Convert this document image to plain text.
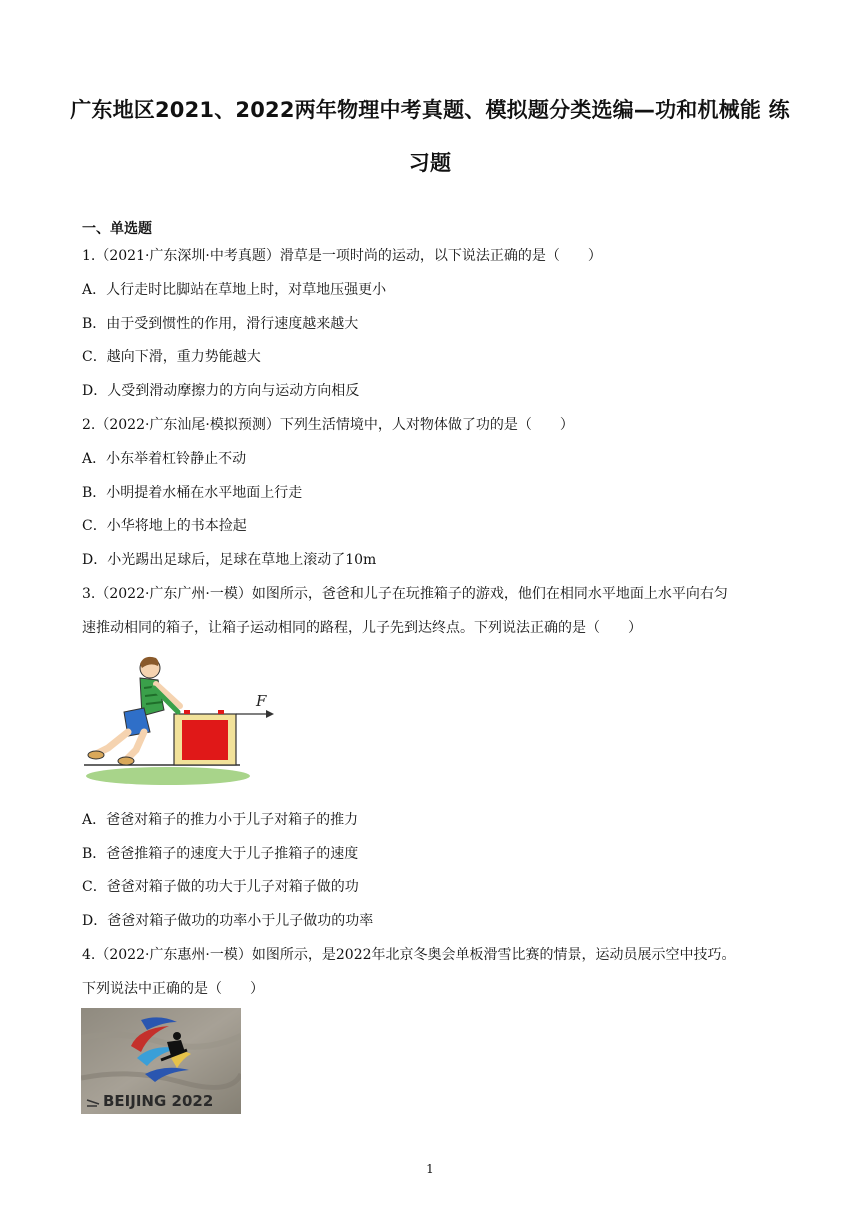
广东地区2021、2022两年物理中考真题、模拟题分类选编—功和机械能 练
习题
一、单选题
1.（2021·广东深圳·中考真题）滑草是一项时尚的运动，以下说法正确的是（　　）
A．人行走时比脚站在草地上时，对草地压强更小
B．由于受到惯性的作用，滑行速度越来越大
C．越向下滑，重力势能越大
D．人受到滑动摩擦力的方向与运动方向相反
2.（2022·广东汕尾·模拟预测）下列生活情境中，人对物体做了功的是（　　）
A．小东举着杠铃静止不动
B．小明提着水桶在水平地面上行走
C．小华将地上的书本捡起
D．小光踢出足球后，足球在草地上滚动了10m
3.（2022·广东广州·一模）如图所示，爸爸和儿子在玩推箱子的游戏，他们在相同水平地面上水平向右匀
速推动相同的箱子，让箱子运动相同的路程，儿子先到达终点。下列说法正确的是（　　）
F
A．爸爸对箱子的推力小于儿子对箱子的推力
B．爸爸推箱子的速度大于儿子推箱子的速度
C．爸爸对箱子做的功大于儿子对箱子做的功
D．爸爸对箱子做功的功率小于儿子做功的功率
4.（2022·广东惠州·一模）如图所示，是2022年北京冬奥会单板滑雪比赛的情景，运动员展示空中技巧。
下列说法中正确的是（　　）
BEIJING 2022
1
